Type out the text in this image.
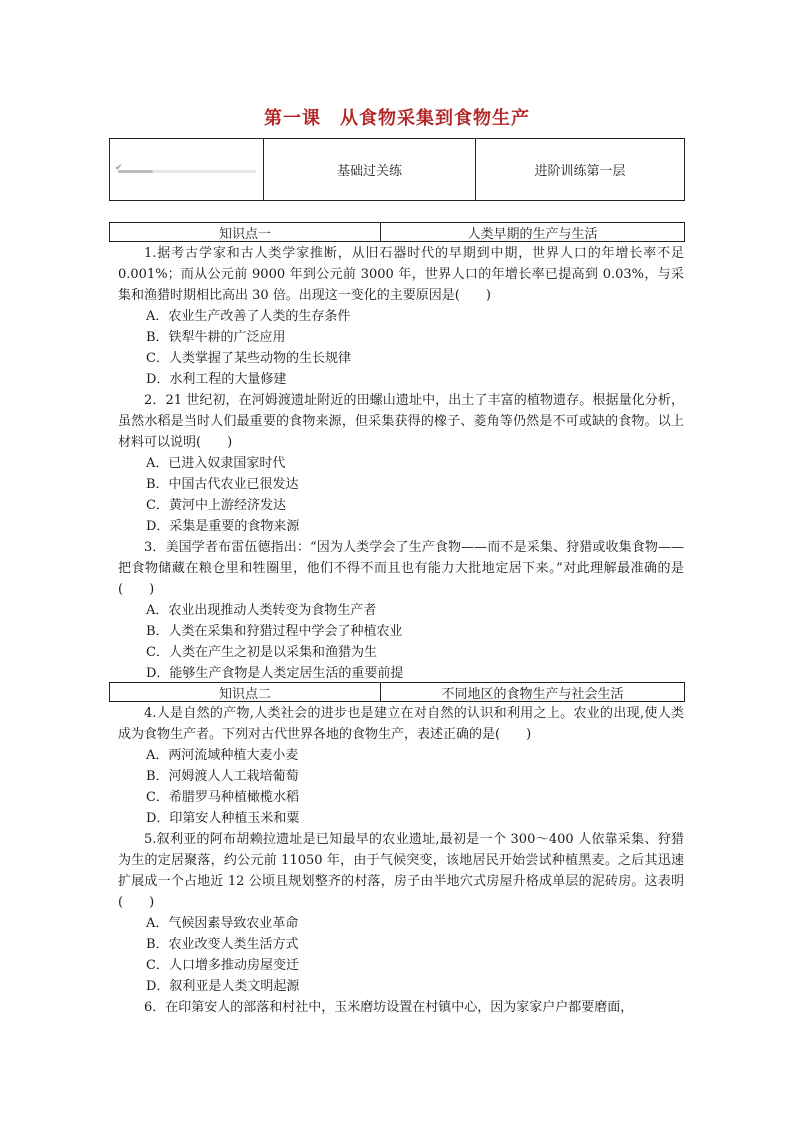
第一课　从食物采集到食物生产
✔	基础过关练	进阶训练第一层
知识点一	人类早期的生产与生活

1.据考古学家和古人类学家推断，从旧石器时代的早期到中期，世界人口的年增长率不足 0.001%；而从公元前 9000 年到公元前 3000 年，世界人口的年增长率已提高到 0.03%，与采集和渔猎时期相比高出 30 倍。出现这一变化的主要原因是(　　)

A．农业生产改善了人类的生存条件

B．铁犁牛耕的广泛应用

C．人类掌握了某些动物的生长规律

D．水利工程的大量修建

2．21 世纪初，在河姆渡遗址附近的田螺山遗址中，出土了丰富的植物遗存。根据量化分析，虽然水稻是当时人们最重要的食物来源，但采集获得的橡子、菱角等仍然是不可或缺的食物。以上材料可以说明(　　)

A．已进入奴隶国家时代

B．中国古代农业已很发达

C．黄河中上游经济发达

D．采集是重要的食物来源

3．美国学者布雷伍德指出：“因为人类学会了生产食物——而不是采集、狩猎或收集食物——把食物储藏在粮仓里和牲圈里，他们不得不而且也有能力大批地定居下来。”对此理解最准确的是(　　)

A．农业出现推动人类转变为食物生产者

B．人类在采集和狩猎过程中学会了种植农业

C．人类在产生之初是以采集和渔猎为生

D．能够生产食物是人类定居生活的重要前提

知识点二	不同地区的食物生产与社会生活

4.人是自然的产物,人类社会的进步也是建立在对自然的认识和利用之上。农业的出现,使人类成为食物生产者。下列对古代世界各地的食物生产，表述正确的是(　　)

A．两河流域种植大麦小麦

B．河姆渡人人工栽培葡萄

C．希腊罗马种植橄榄水稻

D．印第安人种植玉米和粟

5.叙利亚的阿布胡赖拉遗址是已知最早的农业遗址,最初是一个 300～400 人依靠采集、狩猎为生的定居聚落，约公元前 11050 年，由于气候突变，该地居民开始尝试种植黑麦。之后其迅速扩展成一个占地近 12 公顷且规划整齐的村落，房子由半地穴式房屋升格成单层的泥砖房。这表明(　　)

A．气候因素导致农业革命

B．农业改变人类生活方式

C．人口增多推动房屋变迁

D．叙利亚是人类文明起源

6．在印第安人的部落和村社中，玉米磨坊设置在村镇中心，因为家家户户都要磨面，
